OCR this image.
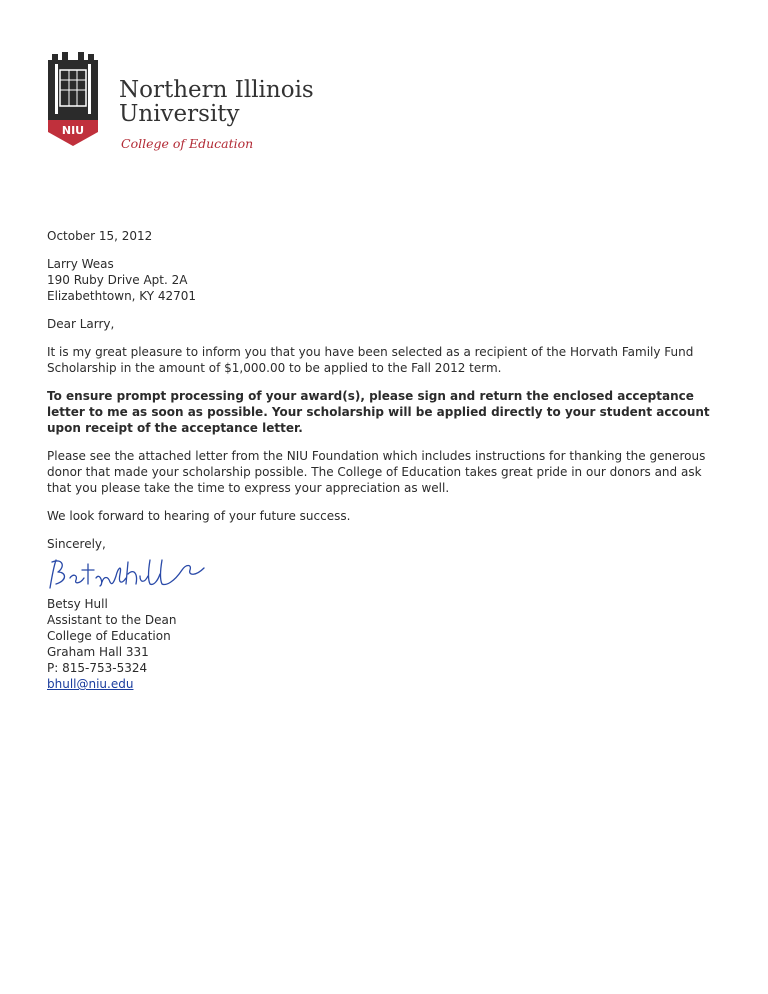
NIU
Northern Illinois
University
College of Education

October 15, 2012

Larry Weas
190 Ruby Drive Apt. 2A
Elizabethtown, KY 42701

Dear Larry,

It is my great pleasure to inform you that you have been selected as a recipient of the Horvath Family Fund Scholarship in the amount of $1,000.00 to be applied to the Fall 2012 term.

To ensure prompt processing of your award(s), please sign and return the enclosed acceptance letter to me as soon as possible. Your scholarship will be applied directly to your student account upon receipt of the acceptance letter.

Please see the attached letter from the NIU Foundation which includes instructions for thanking the generous donor that made your scholarship possible. The College of Education takes great pride in our donors and ask that you please take the time to express your appreciation as well.

We look forward to hearing of your future success.

Sincerely,

Betsy Hull
Assistant to the Dean
College of Education
Graham Hall 331
P: 815-753-5324
bhull@niu.edu
